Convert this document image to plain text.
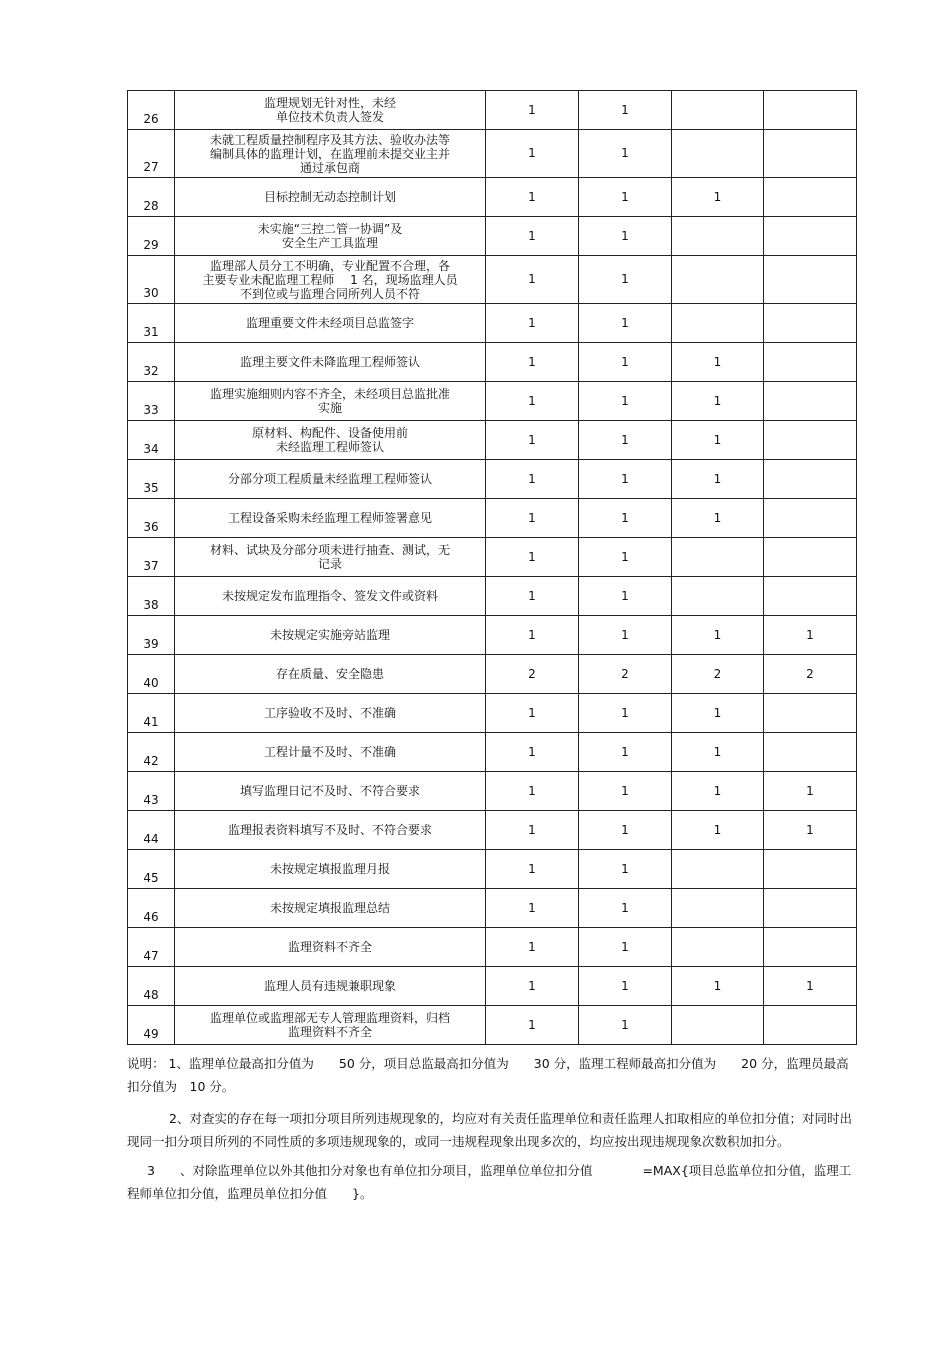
26	监理规划无针对性，未经
单位技术负责人签发	1	1		
27	未就工程质量控制程序及其方法、验收办法等
编制具体的监理计划，在监理前未提交业主并
通过承包商	1	1		
28	目标控制无动态控制计划	1	1	1	
29	未实施“三控二管一协调”及
安全生产工具监理	1	1		
30	监理部人员分工不明确，专业配置不合理，各
主要专业未配监理工程师　 1 名，现场监理人员
不到位或与监理合同所列人员不符	1	1		
31	监理重要文件未经项目总监签字	1	1		
32	监理主要文件未降监理工程师签认	1	1	1	
33	监理实施细则内容不齐全，未经项目总监批准
实施	1	1	1	
34	原材料、构配件、设备使用前
未经监理工程师签认	1	1	1	
35	分部分项工程质量未经监理工程师签认	1	1	1	
36	工程设备采购未经监理工程师签署意见	1	1	1	
37	材料、试块及分部分项未进行抽查、测试，无
记录	1	1		
38	未按规定发布监理指令、签发文件或资料	1	1		
39	未按规定实施旁站监理	1	1	1	1
40	存在质量、安全隐患	2	2	2	2
41	工序验收不及时、不准确	1	1	1	
42	工程计量不及时、不准确	1	1	1	
43	填写监理日记不及时、不符合要求	1	1	1	1
44	监理报表资料填写不及时、不符合要求	1	1	1	1
45	未按规定填报监理月报	1	1		
46	未按规定填报监理总结	1	1		
47	监理资料不齐全	1	1		
48	监理人员有违规兼职现象	1	1	1	1
49	监理单位或监理部无专人管理监理资料，归档
监理资料不齐全	1	1		

说明： 1、监理单位最高扣分值为　　50 分，项目总监最高扣分值为　　30 分，监理工程师最高扣分值为　　20 分，监理员最高扣分值为　10 分。

2、对查实的存在每一项扣分项目所列违规现象的，均应对有关责任监理单位和责任监理人扣取相应的单位扣分值；对同时出现同一扣分项目所列的不同性质的多项违规现象的，或同一违规程现象出现多次的，均应按出现违规现象次数积加扣分。

3　　、对除监理单位以外其他扣分对象也有单位扣分项目，监理单位单位扣分值　　　　=MAX{项目总监单位扣分值，监理工程师单位扣分值，监理员单位扣分值　　}。
